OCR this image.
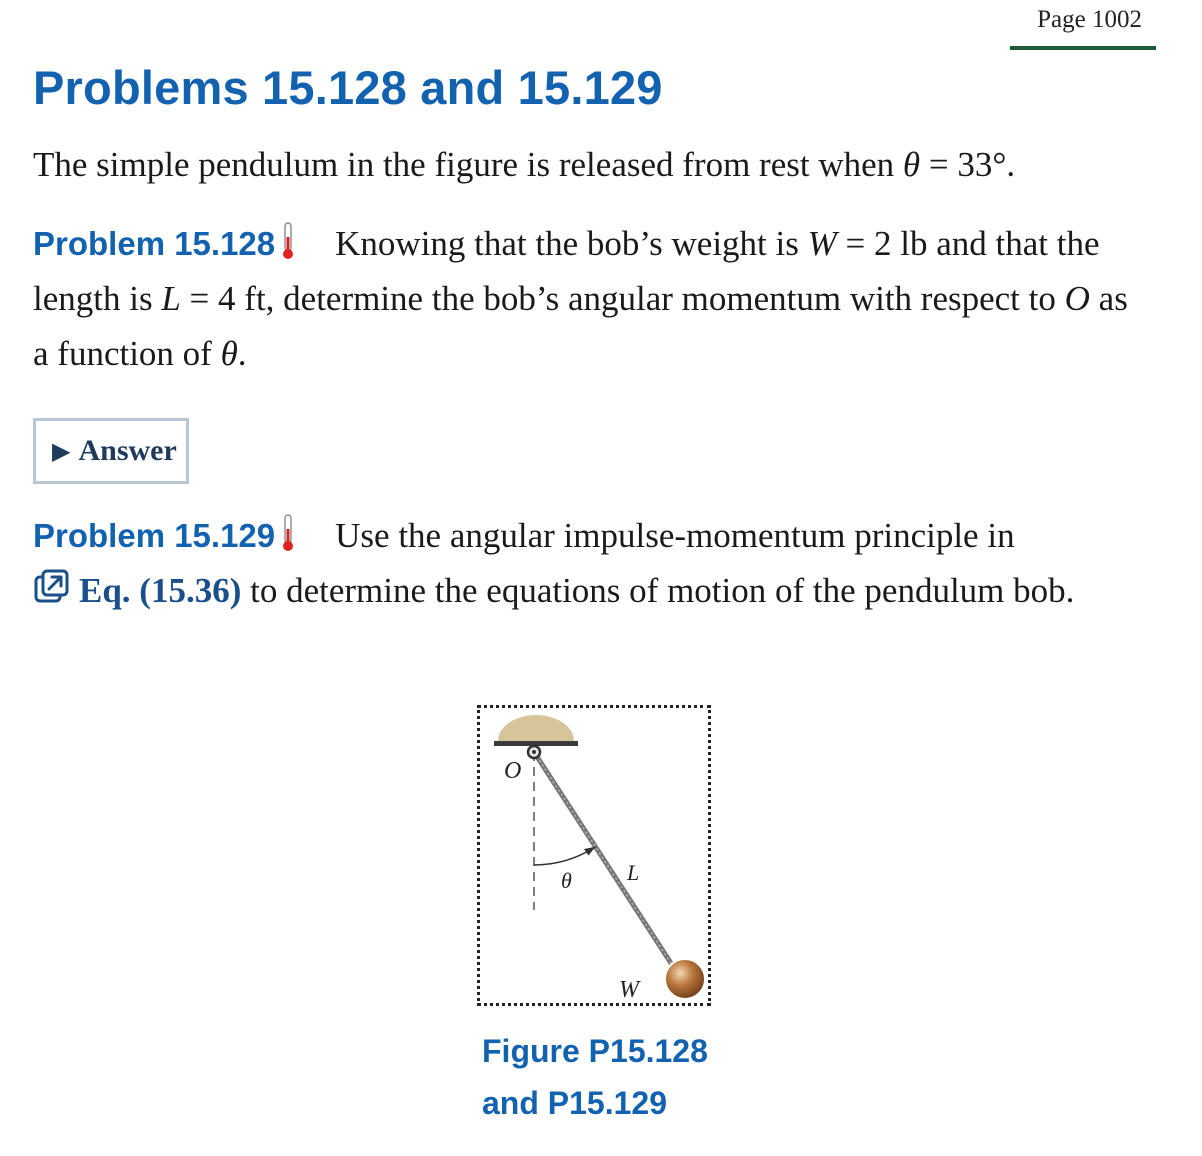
Page 1002
Problems 15.128 and 15.129

The simple pendulum in the figure is released from rest when θ = 33°.

Problem 15.128 Knowing that the bob’s weight is W = 2 lb and that the length is L = 4 ft, determine the bob’s angular momentum with respect to O as a function of θ.

▶ Answer

Problem 15.129 Use the angular impulse-momentum principle in
Eq. (15.36) to determine the equations of motion of the pendulum bob.

O
θ	L
W

Figure P15.128 and P15.129
